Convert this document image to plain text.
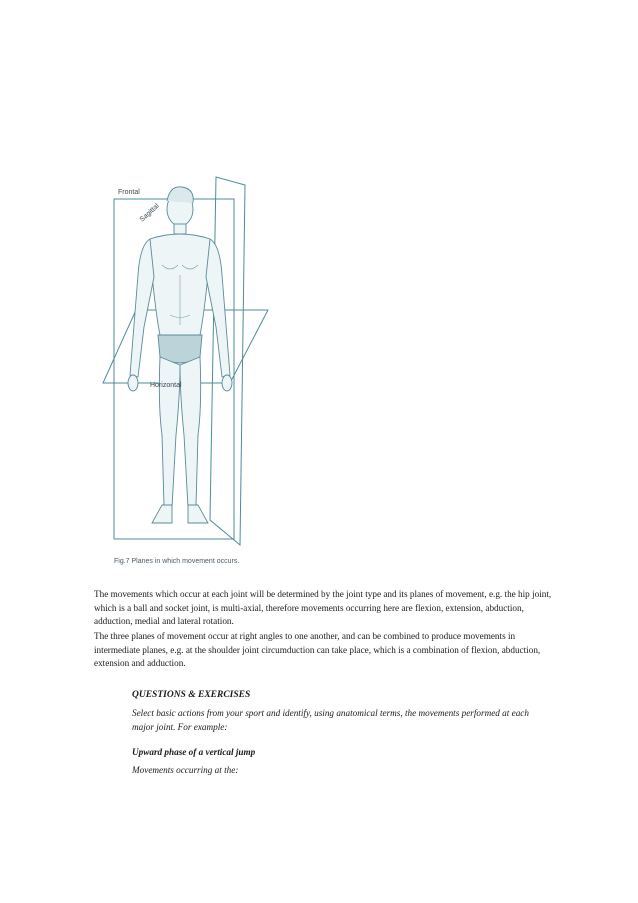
Frontal
Sagittal
Horizontal
Fig.7 Planes in which movement occurs.

The movements which occur at each joint will be determined by the joint type and its planes of movement, e.g. the hip joint, which is a ball and socket joint, is multi-axial, therefore movements occurring here are flexion, extension, abduction, adduction, medial and lateral rotation.

The three planes of movement occur at right angles to one another, and can be combined to produce movements in intermediate planes, e.g. at the shoulder joint circumduction can take place, which is a combination of flexion, abduction, extension and adduction.

QUESTIONS & EXERCISES
Select basic actions from your sport and identify, using anatomical terms, the movements performed at each major joint. For example:
Upward phase of a vertical jump
Movements occurring at the:
